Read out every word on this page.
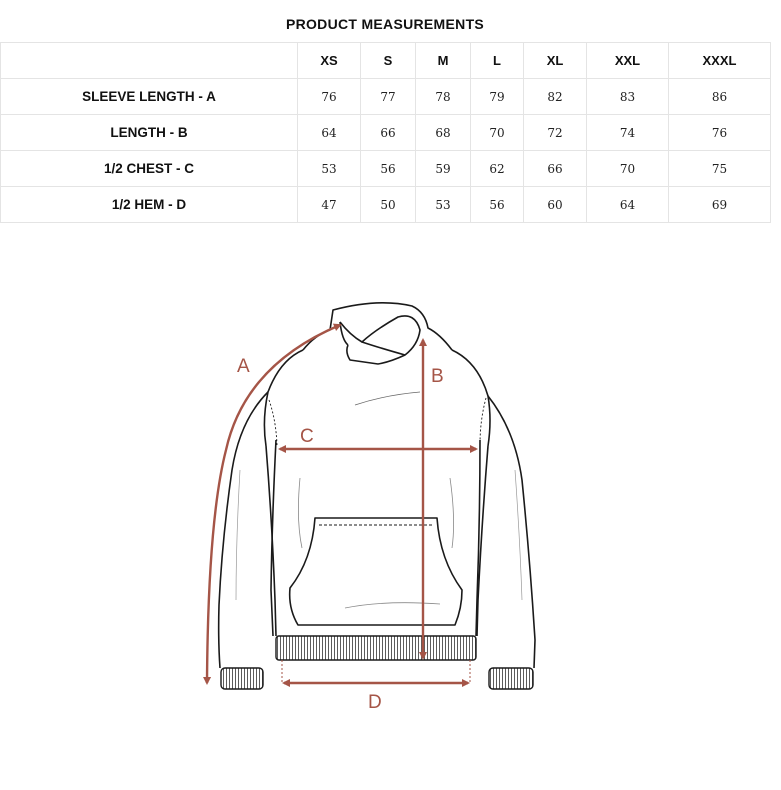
PRODUCT MEASUREMENTS
	XS	S	M	L	XL	XXL	XXXL
SLEEVE LENGTH - A	76	77	78	79	82	83	86
LENGTH - B	64	66	68	70	72	74	76
1/2 CHEST - C	53	56	59	62	66	70	75
1/2 HEM - D	47	50	53	56	60	64	69
A	B
C
D
